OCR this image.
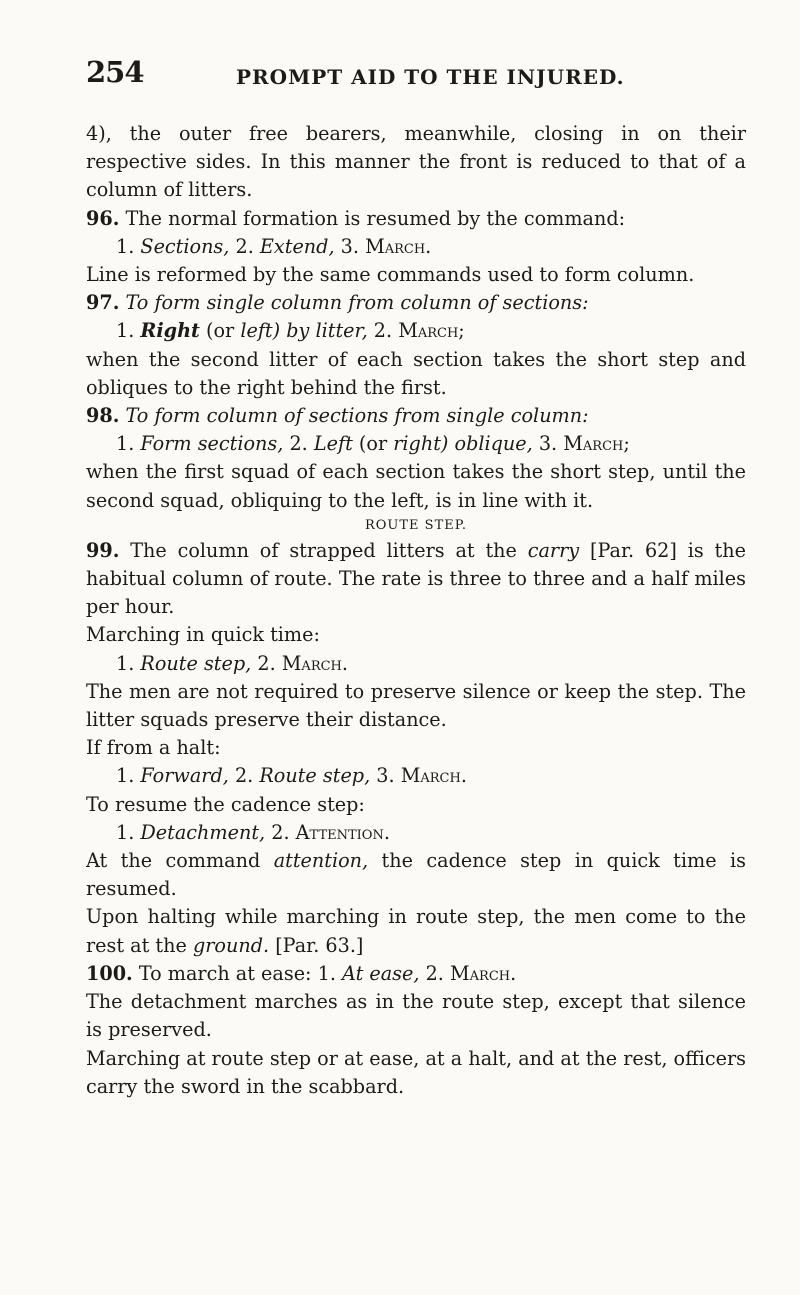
254	PROMPT AID TO THE INJURED.

4), the outer free bearers, meanwhile, closing in on their respective sides. In this manner the front is reduced to that of a column of litters.

96. The normal formation is resumed by the command:

1. Sections, 2. Extend, 3. March.

Line is reformed by the same commands used to form column.

97. To form single column from column of sections:

1. Right (or left) by litter, 2. March;

when the second litter of each section takes the short step and obliques to the right behind the first.

98. To form column of sections from single column:

1. Form sections, 2. Left (or right) oblique, 3. March;

when the first squad of each section takes the short step, until the second squad, obliquing to the left, is in line with it.

ROUTE STEP.

99. The column of strapped litters at the carry [Par. 62] is the habitual column of route. The rate is three to three and a half miles per hour.

Marching in quick time:

1. Route step, 2. March.

The men are not required to preserve silence or keep the step. The litter squads preserve their distance.

If from a halt:

1. Forward, 2. Route step, 3. March.

To resume the cadence step:

1. Detachment, 2. Attention.

At the command attention, the cadence step in quick time is resumed.

Upon halting while marching in route step, the men come to the rest at the ground. [Par. 63.]

100. To march at ease: 1. At ease, 2. March.

The detachment marches as in the route step, except that silence is preserved.

Marching at route step or at ease, at a halt, and at the rest, officers carry the sword in the scabbard.
